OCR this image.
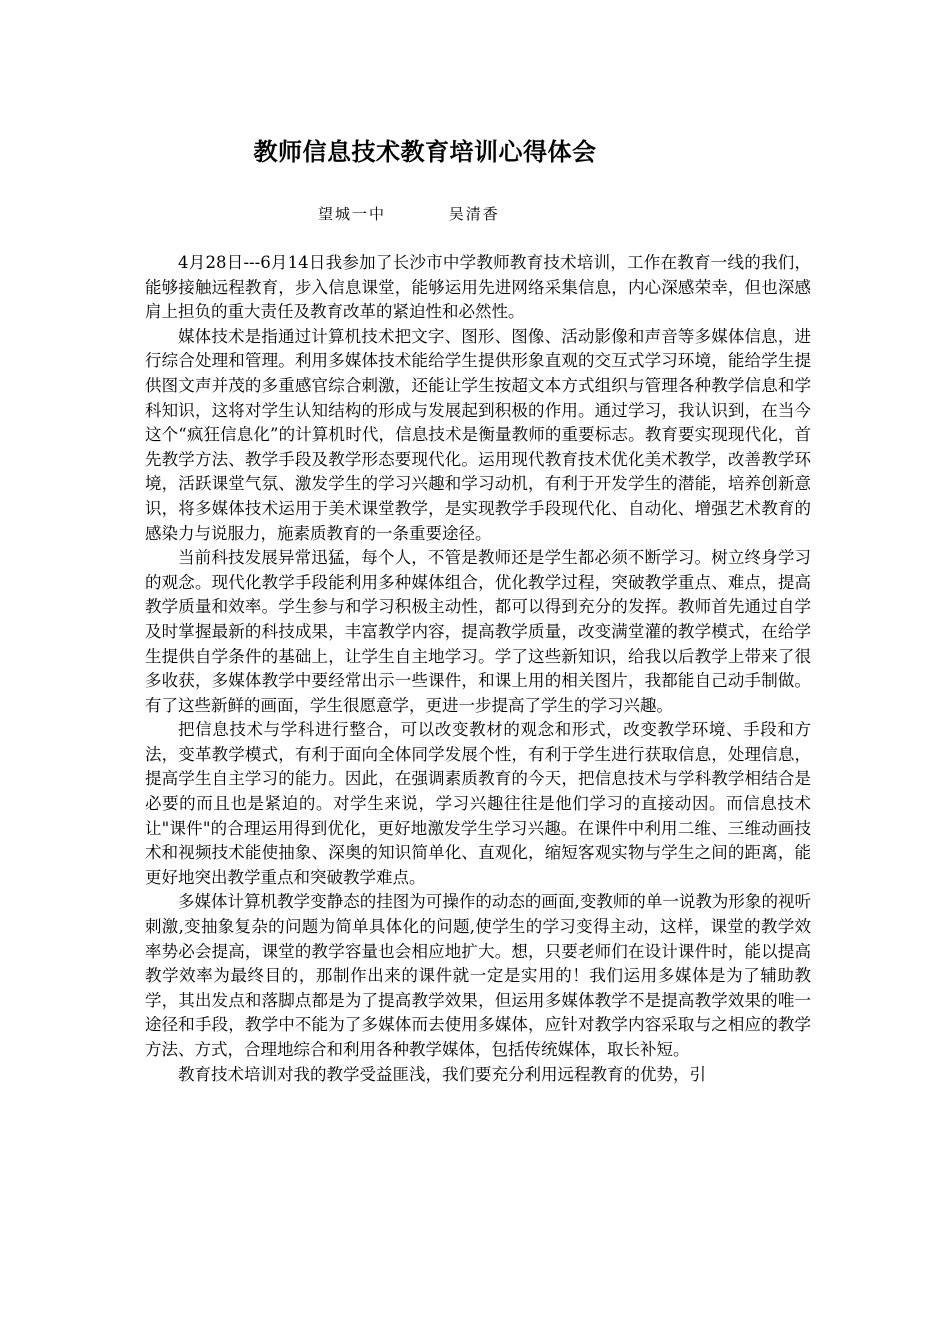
教师信息技术教育培训心得体会
望城一中	吴清香

4月28日---6月14日我参加了长沙市中学教师教育技术培训，工作在教育一线的我们，能够接触远程教育，步入信息课堂，能够运用先进网络采集信息，内心深感荣幸，但也深感肩上担负的重大责任及教育改革的紧迫性和必然性。

媒体技术是指通过计算机技术把文字、图形、图像、活动影像和声音等多媒体信息，进行综合处理和管理。利用多媒体技术能给学生提供形象直观的交互式学习环境，能给学生提供图文声并茂的多重感官综合刺激，还能让学生按超文本方式组织与管理各种教学信息和学科知识，这将对学生认知结构的形成与发展起到积极的作用。通过学习，我认识到，在当今这个“疯狂信息化”的计算机时代，信息技术是衡量教师的重要标志。教育要实现现代化，首先教学方法、教学手段及教学形态要现代化。运用现代教育技术优化美术教学，改善教学环境，活跃课堂气氛、激发学生的学习兴趣和学习动机，有利于开发学生的潜能，培养创新意识，将多媒体技术运用于美术课堂教学，是实现教学手段现代化、自动化、增强艺术教育的感染力与说服力，施素质教育的一条重要途径。

当前科技发展异常迅猛，每个人，不管是教师还是学生都必须不断学习。树立终身学习的观念。现代化教学手段能利用多种媒体组合，优化教学过程，突破教学重点、难点，提高教学质量和效率。学生参与和学习积极主动性，都可以得到充分的发挥。教师首先通过自学及时掌握最新的科技成果，丰富教学内容，提高教学质量，改变满堂灌的教学模式，在给学生提供自学条件的基础上，让学生自主地学习。学了这些新知识，给我以后教学上带来了很多收获，多媒体教学中要经常出示一些课件，和课上用的相关图片，我都能自己动手制做。有了这些新鲜的画面，学生很愿意学，更进一步提高了学生的学习兴趣。

把信息技术与学科进行整合，可以改变教材的观念和形式，改变教学环境、手段和方法，变革教学模式，有利于面向全体同学发展个性，有利于学生进行获取信息，处理信息，提高学生自主学习的能力。因此，在强调素质教育的今天，把信息技术与学科教学相结合是必要的而且也是紧迫的。对学生来说，学习兴趣往往是他们学习的直接动因。而信息技术让"课件"的合理运用得到优化，更好地激发学生学习兴趣。在课件中利用二维、三维动画技术和视频技术能使抽象、深奥的知识简单化、直观化，缩短客观实物与学生之间的距离，能更好地突出教学重点和突破教学难点。

多媒体计算机教学变静态的挂图为可操作的动态的画面,变教师的单一说教为形象的视听刺激,变抽象复杂的问题为简单具体化的问题,使学生的学习变得主动，这样，课堂的教学效率势必会提高，课堂的教学容量也会相应地扩大。想，只要老师们在设计课件时，能以提高教学效率为最终目的，那制作出来的课件就一定是实用的！我们运用多媒体是为了辅助教学，其出发点和落脚点都是为了提高教学效果，但运用多媒体教学不是提高教学效果的唯一途径和手段，教学中不能为了多媒体而去使用多媒体，应针对教学内容采取与之相应的教学方法、方式，合理地综合和利用各种教学媒体，包括传统媒体，取长补短。

教育技术培训对我的教学受益匪浅，我们要充分利用远程教育的优势，引
